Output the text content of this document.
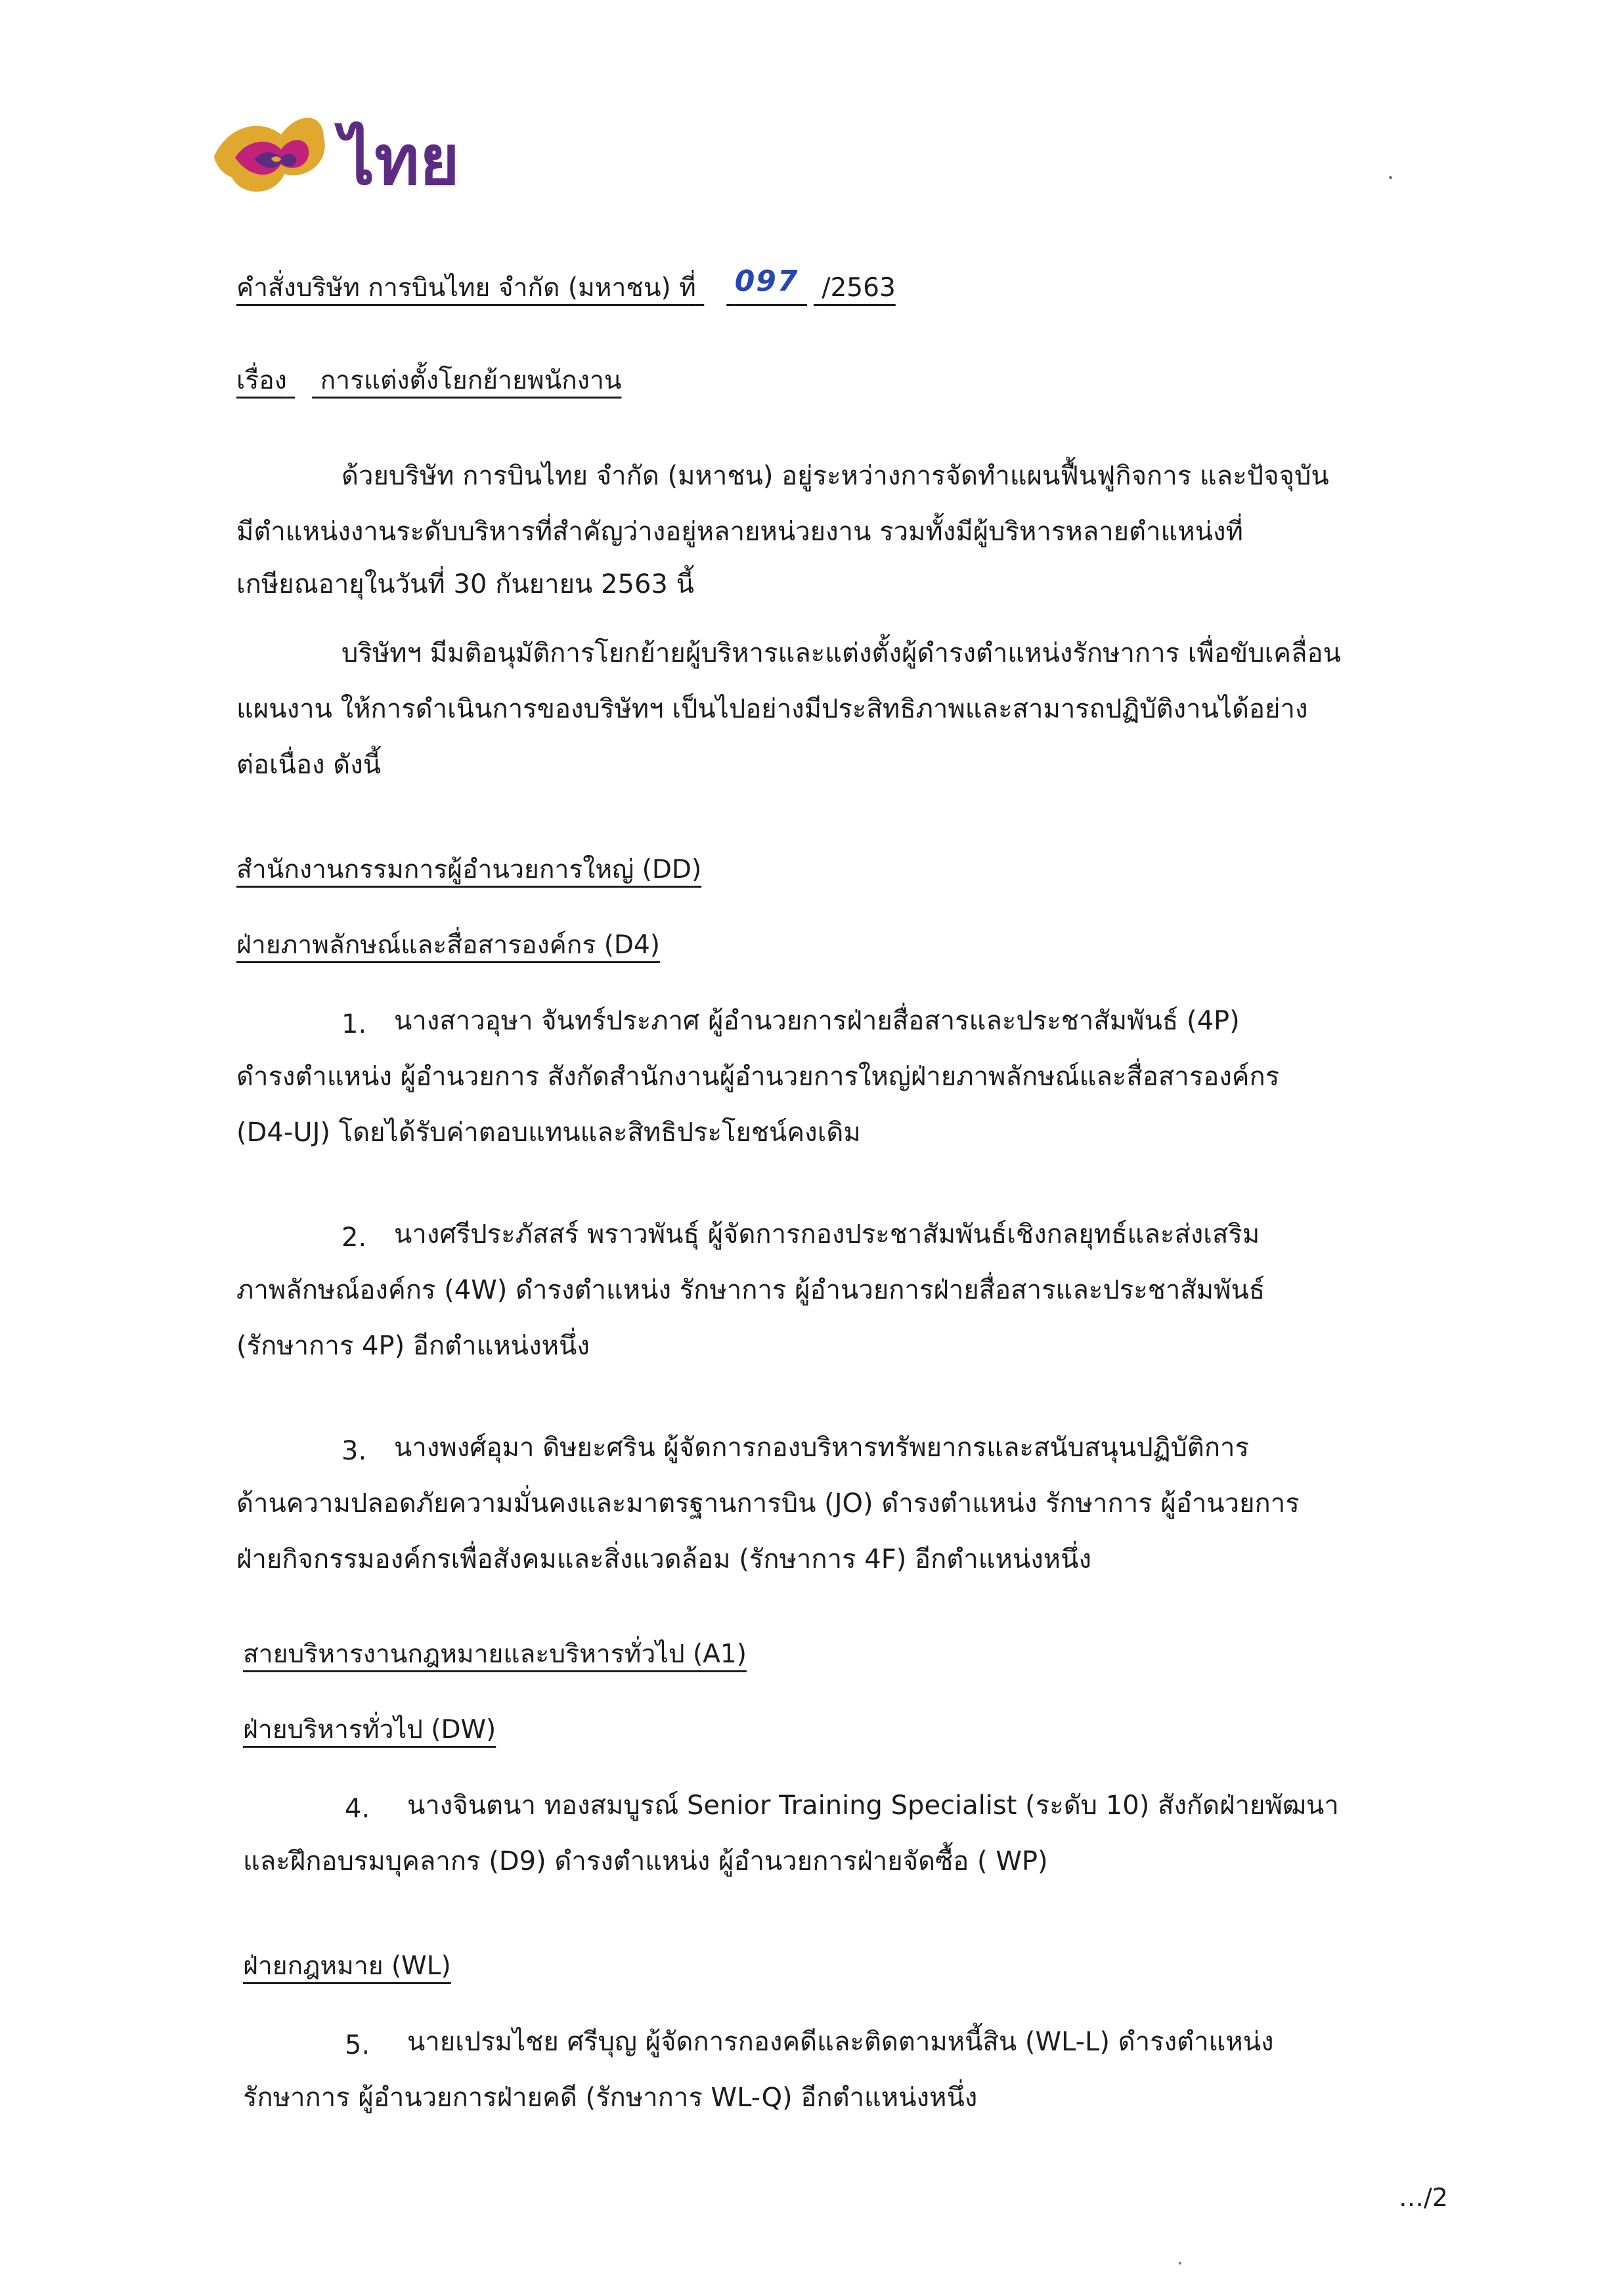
ไทย
คำสั่งบริษัท การบินไทย จำกัด (มหาชน) ที่ 097 /2563
เรื่อง การแต่งตั้งโยกย้ายพนักงาน
ด้วยบริษัท การบินไทย จำกัด (มหาชน) อยู่ระหว่างการจัดทำแผนฟื้นฟูกิจการ และปัจจุบัน
มีตำแหน่งงานระดับบริหารที่สำคัญว่างอยู่หลายหน่วยงาน รวมทั้งมีผู้บริหารหลายตำแหน่งที่
เกษียณอายุในวันที่ 30 กันยายน 2563 นี้
บริษัทฯ มีมติอนุมัติการโยกย้ายผู้บริหารและแต่งตั้งผู้ดำรงตำแหน่งรักษาการ เพื่อขับเคลื่อน
แผนงาน ให้การดำเนินการของบริษัทฯ เป็นไปอย่างมีประสิทธิภาพและสามารถปฏิบัติงานได้อย่าง
ต่อเนื่อง ดังนี้
สำนักงานกรรมการผู้อำนวยการใหญ่ (DD)
ฝ่ายภาพลักษณ์และสื่อสารองค์กร (D4)
1. นางสาวอุษา จันทร์ประภาศ ผู้อำนวยการฝ่ายสื่อสารและประชาสัมพันธ์ (4P)
ดำรงตำแหน่ง ผู้อำนวยการ สังกัดสำนักงานผู้อำนวยการใหญ่ฝ่ายภาพลักษณ์และสื่อสารองค์กร
(D4-UJ) โดยได้รับค่าตอบแทนและสิทธิประโยชน์คงเดิม
2. นางศรีประภัสสร์ พราวพันธุ์ ผู้จัดการกองประชาสัมพันธ์เชิงกลยุทธ์และส่งเสริม
ภาพลักษณ์องค์กร (4W) ดำรงตำแหน่ง รักษาการ ผู้อำนวยการฝ่ายสื่อสารและประชาสัมพันธ์
(รักษาการ 4P) อีกตำแหน่งหนึ่ง
3. นางพงศ์อุมา ดิษยะศริน ผู้จัดการกองบริหารทรัพยากรและสนับสนุนปฏิบัติการ
ด้านความปลอดภัยความมั่นคงและมาตรฐานการบิน (JO) ดำรงตำแหน่ง รักษาการ ผู้อำนวยการ
ฝ่ายกิจกรรมองค์กรเพื่อสังคมและสิ่งแวดล้อม (รักษาการ 4F) อีกตำแหน่งหนึ่ง
สายบริหารงานกฎหมายและบริหารทั่วไป (A1)
ฝ่ายบริหารทั่วไป (DW)
4. นางจินตนา ทองสมบูรณ์ Senior Training Specialist (ระดับ 10) สังกัดฝ่ายพัฒนา
และฝึกอบรมบุคลากร (D9) ดำรงตำแหน่ง ผู้อำนวยการฝ่ายจัดซื้อ ( WP)
ฝ่ายกฎหมาย (WL)
5. นายเปรมไชย ศรีบุญ ผู้จัดการกองคดีและติดตามหนี้สิน (WL-L) ดำรงตำแหน่ง
รักษาการ ผู้อำนวยการฝ่ายคดี (รักษาการ WL-Q) อีกตำแหน่งหนึ่ง
…/2
